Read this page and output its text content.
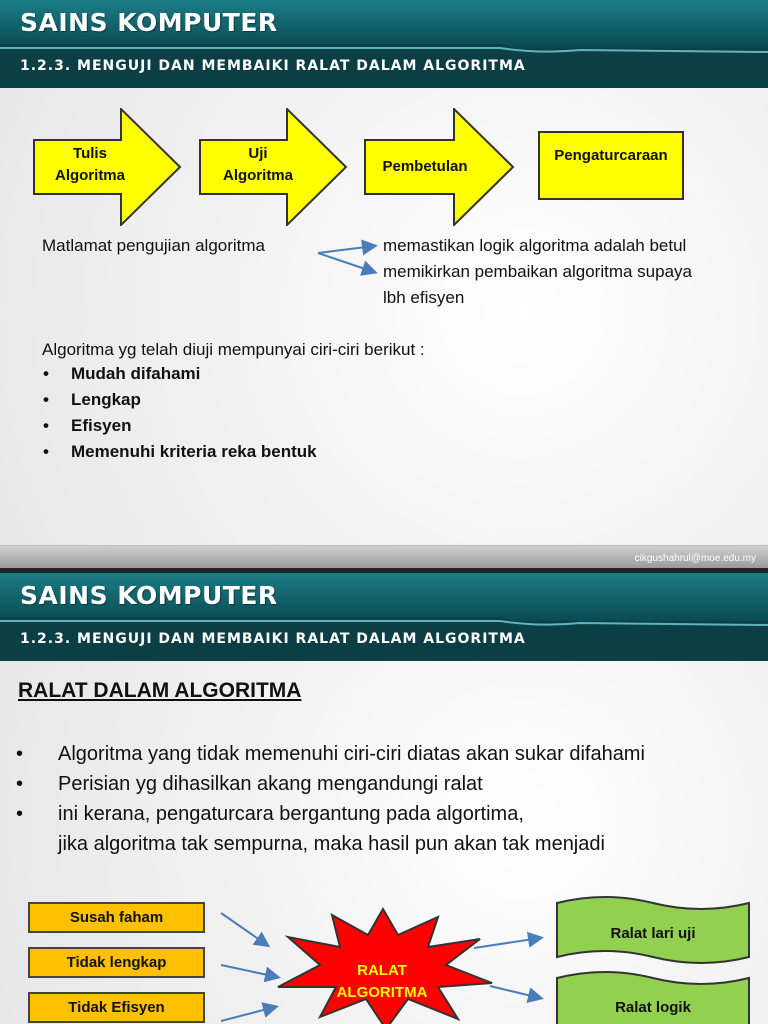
SAINS KOMPUTER
1.2.3. MENGUJI DAN MEMBAIKI RALAT DALAM ALGORITMA
Tulis
Algoritma
Uji
Algoritma
Pembetulan
Pengaturcaraan
Matlamat pengujian algoritma	memastikan logik algoritma adalah betul
memikirkan pembaikan algoritma supaya
lbh efisyen
Algoritma yg telah diuji mempunyai ciri-ciri berikut :
• Mudah difahami
• Lengkap
• Efisyen
• Memenuhi kriteria reka bentuk
cikgushahrul@moe.edu.my
SAINS KOMPUTER
1.2.3. MENGUJI DAN MEMBAIKI RALAT DALAM ALGORITMA
RALAT DALAM ALGORITMA
• Algoritma yang tidak memenuhi ciri-ciri diatas akan sukar difahami
• Perisian yg dihasilkan akang mengandungi ralat
• ini kerana, pengaturcara bergantung pada algortima,
jika algoritma tak sempurna, maka hasil pun akan tak menjadi
Susah faham
Tidak lengkap
Tidak Efisyen
RALAT
ALGORITMA
Ralat lari uji
Ralat logik
